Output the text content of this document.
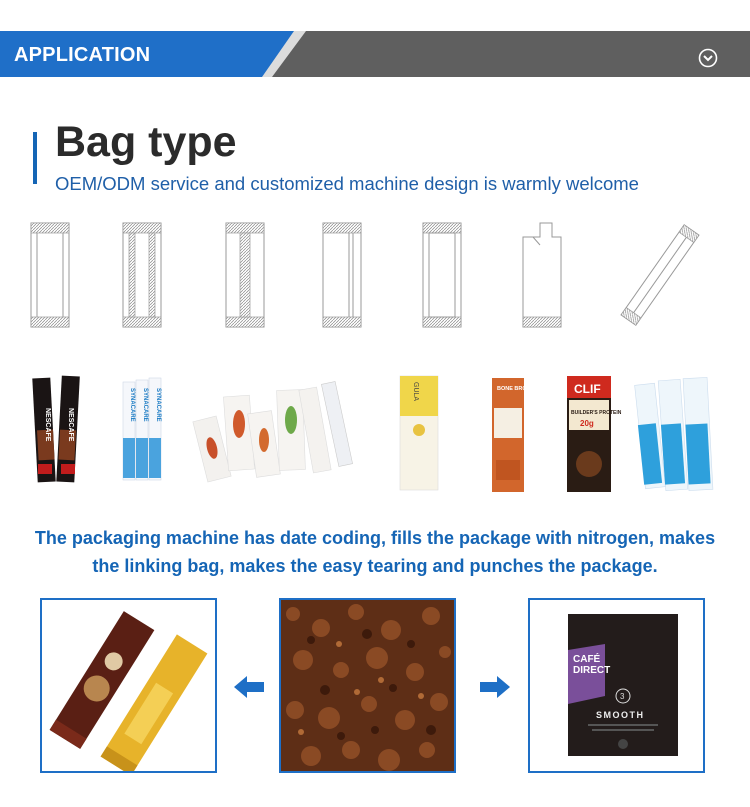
APPLICATION
Bag type
OEM/ODM service and customized machine design is warmly welcome
NESCAFE NESCAFE
SYNACARE SYNACARE SYNACARE	GULA	BONE BROTH	CLIF
BUILDER'S PROTEIN
20g
The packaging machine has date coding, fills the package with nitrogen, makes
the linking bag, makes the easy tearing and punches the package.
CAFÉ
DIRECT
3
SMOOTH
